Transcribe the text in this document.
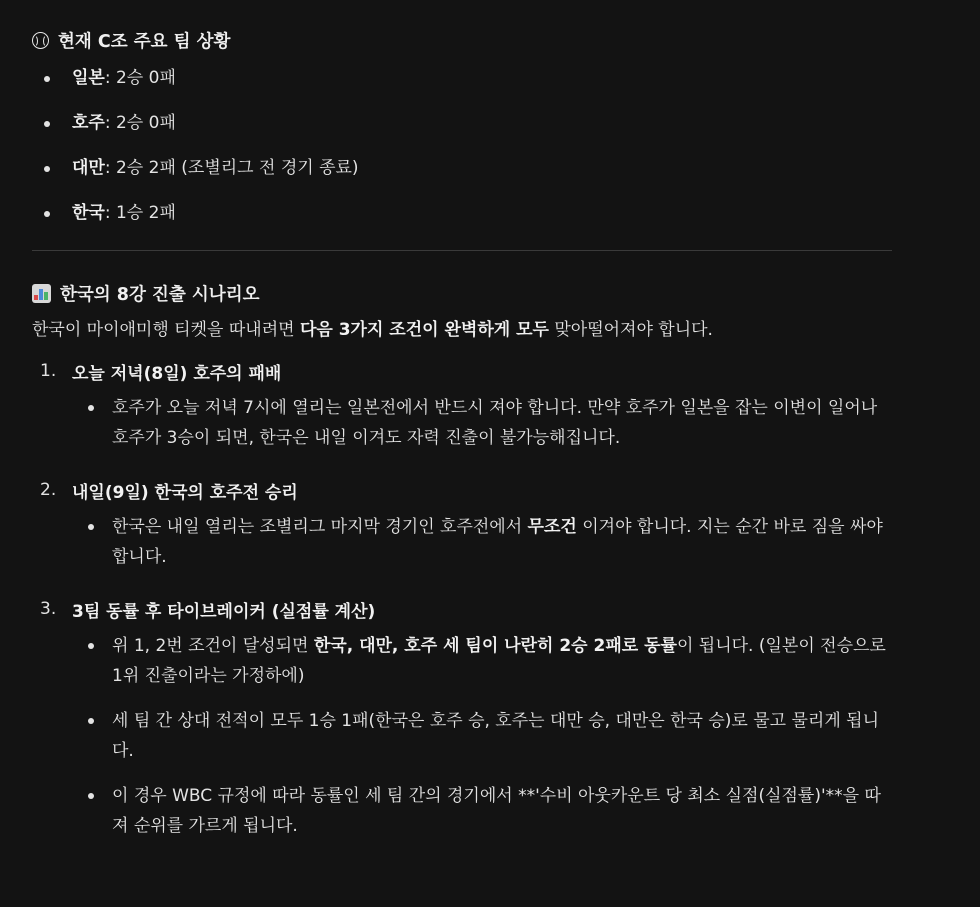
현재 C조 주요 팀 상황
일본: 2승 0패
호주: 2승 0패
대만: 2승 2패 (조별리그 전 경기 종료)
한국: 1승 2패
한국의 8강 진출 시나리오

한국이 마이애미행 티켓을 따내려면 다음 3가지 조건이 완벽하게 모두 맞아떨어져야 합니다.

1. 오늘 저녁(8일) 호주의 패배
호주가 오늘 저녁 7시에 열리는 일본전에서 반드시 져야 합니다. 만약 호주가 일본을 잡는 이변이 일어나 호주가 3승이 되면, 한국은 내일 이겨도 자력 진출이 불가능해집니다.
2. 내일(9일) 한국의 호주전 승리
한국은 내일 열리는 조별리그 마지막 경기인 호주전에서 무조건 이겨야 합니다. 지는 순간 바로 짐을 싸야 합니다.
3. 3팀 동률 후 타이브레이커 (실점률 계산)
위 1, 2번 조건이 달성되면 한국, 대만, 호주 세 팀이 나란히 2승 2패로 동률이 됩니다. (일본이 전승으로 1위 진출이라는 가정하에)
세 팀 간 상대 전적이 모두 1승 1패(한국은 호주 승, 호주는 대만 승, 대만은 한국 승)로 물고 물리게 됩니다.
이 경우 WBC 규정에 따라 동률인 세 팀 간의 경기에서 **'수비 아웃카운트 당 최소 실점(실점률)'**을 따져 순위를 가르게 됩니다.
